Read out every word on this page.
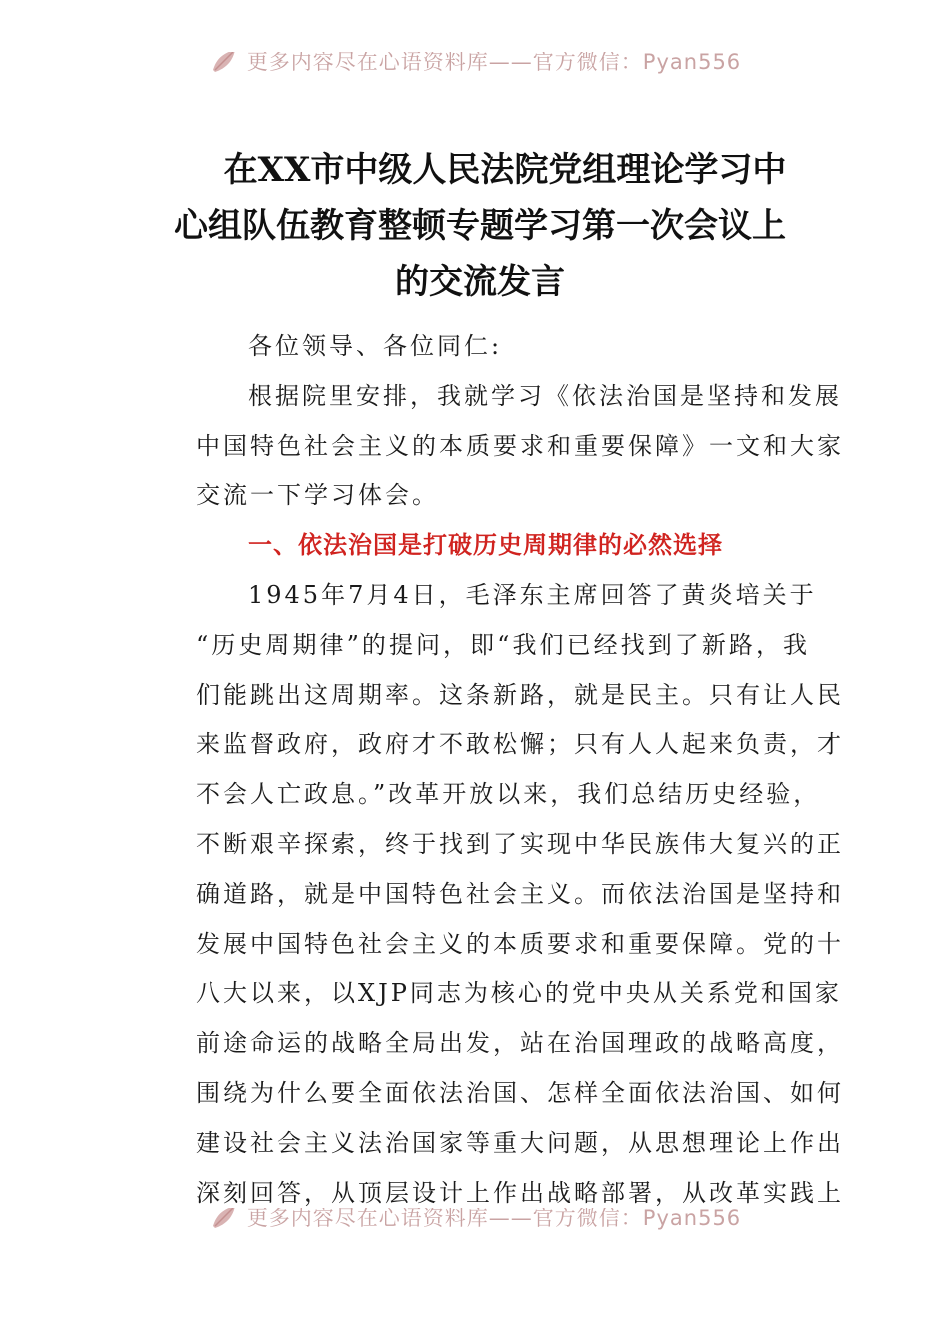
更多内容尽在心语资料库——官方微信：Pyan556
在XX市中级人民法院党组理论学习中
心组队伍教育整顿专题学习第一次会议上
的交流发言

各位领导、各位同仁:

根据院里安排，我就学习《依法治国是坚持和发展
中国特色社会主义的本质要求和重要保障》一文和大家
交流一下学习体会。

一、依法治国是打破历史周期律的必然选择

1945年7月4日，毛泽东主席回答了黄炎培关于
“历史周期律”的提问，即“我们已经找到了新路，我
们能跳出这周期率。这条新路，就是民主。只有让人民
来监督政府，政府才不敢松懈；只有人人起来负责，才
不会人亡政息。”改革开放以来，我们总结历史经验，
不断艰辛探索，终于找到了实现中华民族伟大复兴的正
确道路，就是中国特色社会主义。而依法治国是坚持和
发展中国特色社会主义的本质要求和重要保障。党的十
八大以来，以XJP同志为核心的党中央从关系党和国家
前途命运的战略全局出发，站在治国理政的战略高度，
围绕为什么要全面依法治国、怎样全面依法治国、如何
建设社会主义法治国家等重大问题，从思想理论上作出
深刻回答，从顶层设计上作出战略部署，从改革实践上

更多内容尽在心语资料库——官方微信：Pyan556
